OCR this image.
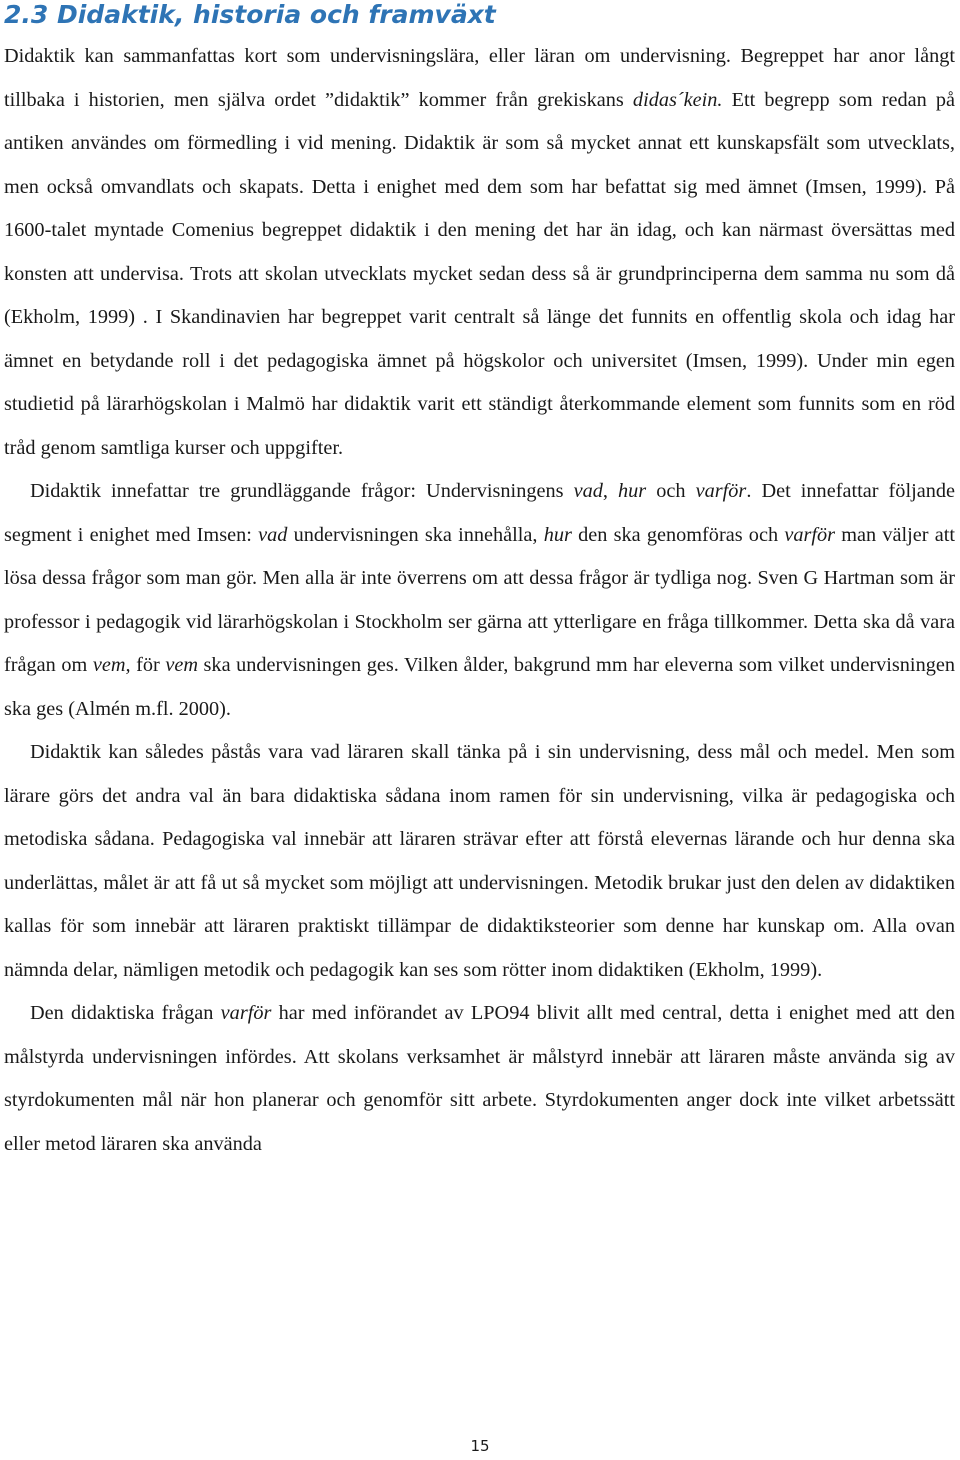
2.3 Didaktik, historia och framväxt

Didaktik kan sammanfattas kort som undervisningslära, eller läran om undervisning. Begreppet har anor långt tillbaka i historien, men själva ordet ”didaktik” kommer från grekiskans didas´kein. Ett begrepp som redan på antiken användes om förmedling i vid mening. Didaktik är som så mycket annat ett kunskapsfält som utvecklats, men också omvandlats och skapats. Detta i enighet med dem som har befattat sig med ämnet (Imsen, 1999). På 1600-talet myntade Comenius begreppet didaktik i den mening det har än idag, och kan närmast översättas med konsten att undervisa. Trots att skolan utvecklats mycket sedan dess så är grundprinciperna dem samma nu som då (Ekholm, 1999) . I Skandinavien har begreppet varit centralt så länge det funnits en offentlig skola och idag har ämnet en betydande roll i det pedagogiska ämnet på högskolor och universitet (Imsen, 1999). Under min egen studietid på lärarhögskolan i Malmö har didaktik varit ett ständigt återkommande element som funnits som en röd tråd genom samtliga kurser och uppgifter.

Didaktik innefattar tre grundläggande frågor: Undervisningens vad, hur och varför. Det innefattar följande segment i enighet med Imsen: vad undervisningen ska innehålla, hur den ska genomföras och varför man väljer att lösa dessa frågor som man gör. Men alla är inte överrens om att dessa frågor är tydliga nog. Sven G Hartman som är professor i pedagogik vid lärarhögskolan i Stockholm ser gärna att ytterligare en fråga tillkommer. Detta ska då vara frågan om vem, för vem ska undervisningen ges. Vilken ålder, bakgrund mm har eleverna som vilket undervisningen ska ges (Almén m.fl. 2000).

Didaktik kan således påstås vara vad läraren skall tänka på i sin undervisning, dess mål och medel. Men som lärare görs det andra val än bara didaktiska sådana inom ramen för sin undervisning, vilka är pedagogiska och metodiska sådana. Pedagogiska val innebär att läraren strävar efter att förstå elevernas lärande och hur denna ska underlättas, målet är att få ut så mycket som möjligt att undervisningen. Metodik brukar just den delen av didaktiken kallas för som innebär att läraren praktiskt tillämpar de didaktiksteorier som denne har kunskap om. Alla ovan nämnda delar, nämligen metodik och pedagogik kan ses som rötter inom didaktiken (Ekholm, 1999).

Den didaktiska frågan varför har med införandet av LPO94 blivit allt med central, detta i enighet med att den målstyrda undervisningen infördes. Att skolans verksamhet är målstyrd innebär att läraren måste använda sig av styrdokumenten mål när hon planerar och genomför sitt arbete. Styrdokumenten anger dock inte vilket arbetssätt eller metod läraren ska använda

15
